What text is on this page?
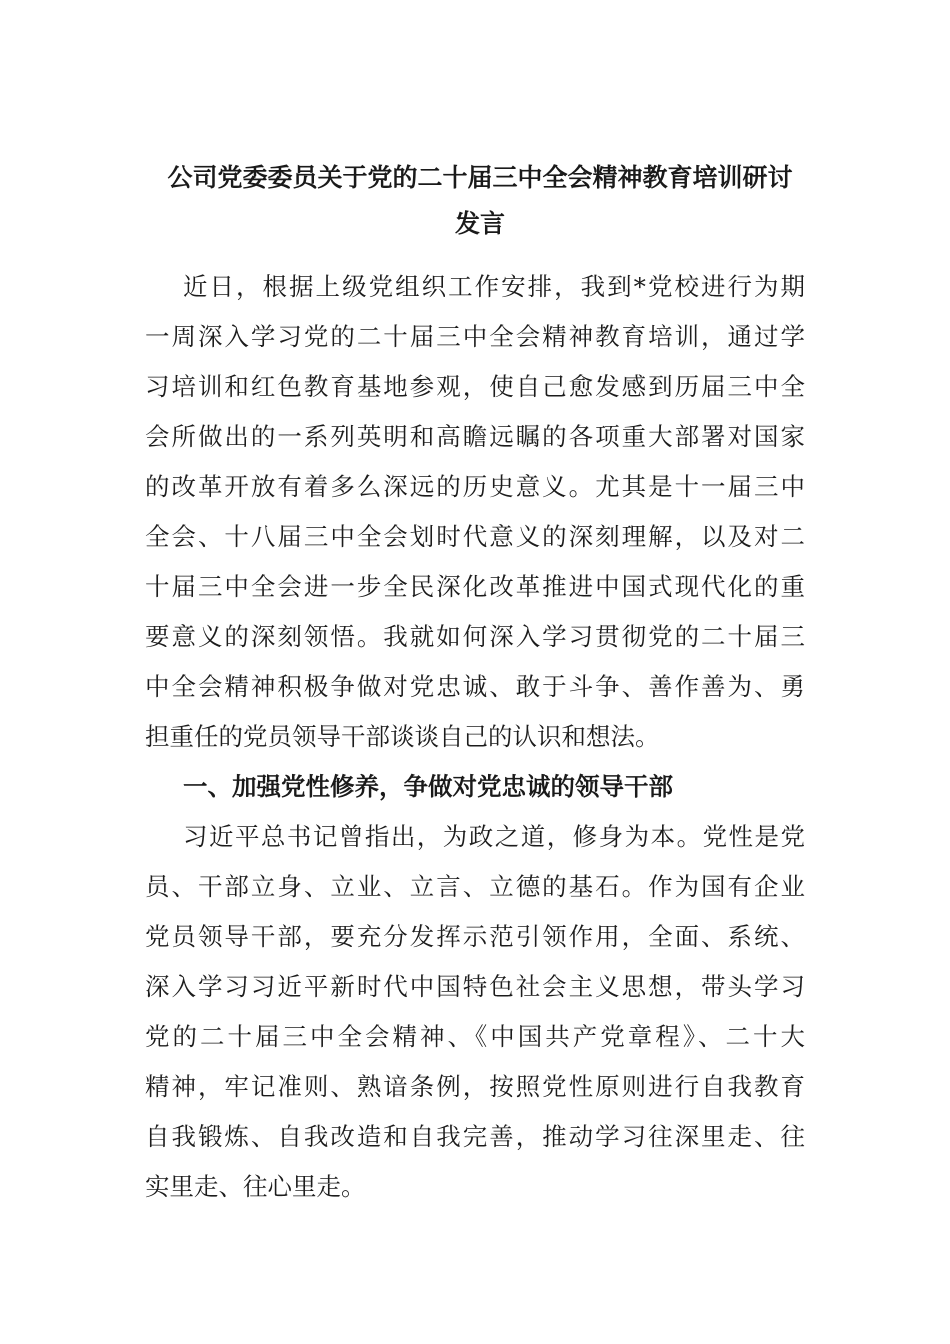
公司党委委员关于党的二十届三中全会精神教育培训研讨
发言
近日，根据上级党组织工作安排，我到*党校进行为期
一周深入学习党的二十届三中全会精神教育培训，通过学
习培训和红色教育基地参观，使自己愈发感到历届三中全
会所做出的一系列英明和高瞻远瞩的各项重大部署对国家
的改革开放有着多么深远的历史意义。尤其是十一届三中
全会、十八届三中全会划时代意义的深刻理解，以及对二
十届三中全会进一步全民深化改革推进中国式现代化的重
要意义的深刻领悟。我就如何深入学习贯彻党的二十届三
中全会精神积极争做对党忠诚、敢于斗争、善作善为、勇
担重任的党员领导干部谈谈自己的认识和想法。
一、加强党性修养，争做对党忠诚的领导干部
习近平总书记曾指出，为政之道，修身为本。党性是党
员、干部立身、立业、立言、立德的基石。作为国有企业
党员领导干部，要充分发挥示范引领作用，全面、系统、
深入学习习近平新时代中国特色社会主义思想，带头学习
党的二十届三中全会精神、《中国共产党章程》、二十大
精神，牢记准则、熟谙条例，按照党性原则进行自我教育
自我锻炼、自我改造和自我完善，推动学习往深里走、往
实里走、往心里走。
